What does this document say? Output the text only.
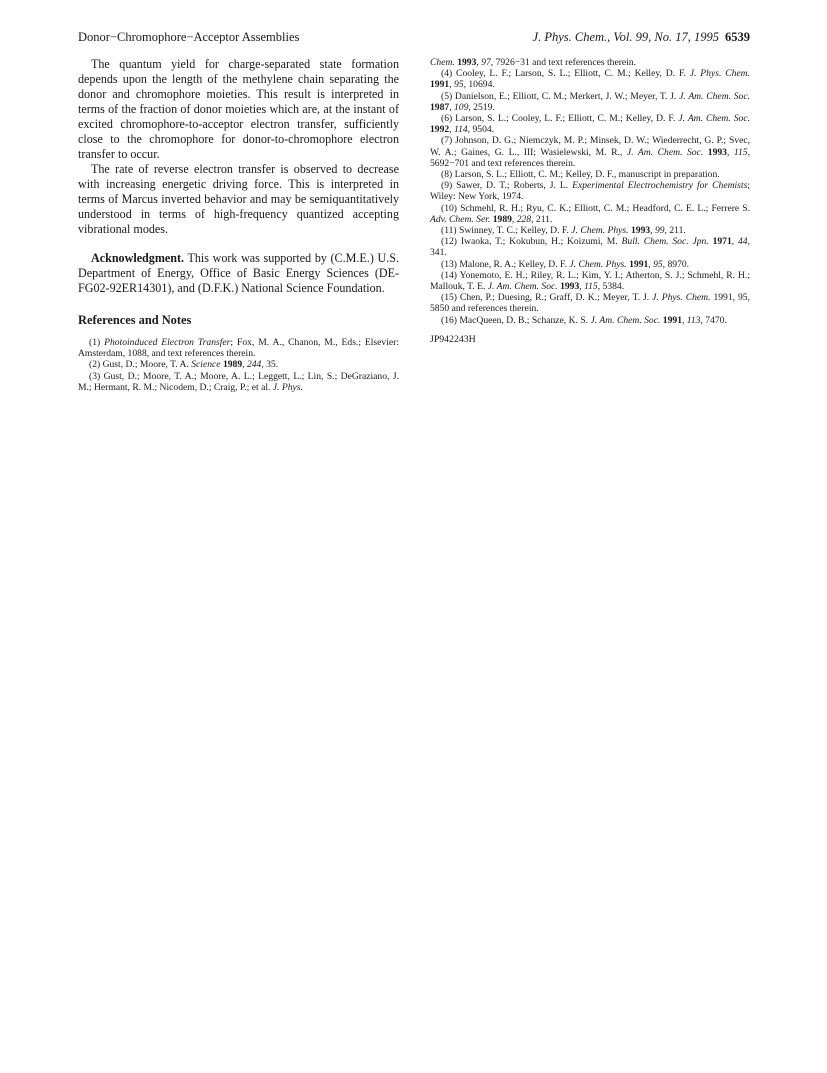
Donor−Chromophore−Acceptor Assemblies	J. Phys. Chem., Vol. 99, No. 17, 1995 6539

The quantum yield for charge-separated state formation depends upon the length of the methylene chain separating the donor and chromophore moieties. This result is interpreted in terms of the fraction of donor moieties which are, at the instant of excited chromophore-to-acceptor electron transfer, sufficiently close to the chromophore for donor-to-chromophore electron transfer to occur.

The rate of reverse electron transfer is observed to decrease with increasing energetic driving force. This is interpreted in terms of Marcus inverted behavior and may be semiquantitatively understood in terms of high-frequency quantized accepting vibrational modes.

Acknowledgment. This work was supported by (C.M.E.) U.S. Department of Energy, Office of Basic Energy Sciences (DE-FG02-92ER14301), and (D.F.K.) National Science Foundation.

References and Notes

(1) Photoinduced Electron Transfer; Fox, M. A., Chanon, M., Eds.; Elsevier: Amsterdam, 1088, and text references therein.

(2) Gust, D.; Moore, T. A. Science 1989, 244, 35.

(3) Gust, D.; Moore, T. A.; Moore, A. L.; Leggett, L.; Lin, S.; DeGraziano, J. M.; Hermant, R. M.; Nicodem, D.; Craig, P.; et al. J. Phys.

Chem. 1993, 97, 7926−31 and text references therein.

(4) Cooley, L. F.; Larson, S. L.; Elliott, C. M.; Kelley, D. F. J. Phys. Chem. 1991, 95, 10694.

(5) Danielson, E.; Elliott, C. M.; Merkert, J. W.; Meyer, T. J. J. Am. Chem. Soc. 1987, 109, 2519.

(6) Larson, S. L.; Cooley, L. F.; Elliott, C. M.; Kelley, D. F. J. Am. Chem. Soc. 1992, 114, 9504.

(7) Johnson, D. G.; Niemczyk, M. P.; Minsek, D. W.; Wiederrecht, G. P.; Svec, W. A.; Gaines, G. L., III; Wasielewski, M. R., J. Am. Chem. Soc. 1993, 115, 5692−701 and text references therein.

(8) Larson, S. L.; Elliott, C. M.; Kelley, D. F., manuscript in preparation.

(9) Sawer, D. T.; Roberts, J. L. Experimental Electrochemistry for Chemists; Wiley: New York, 1974.

(10) Schmehl, R. H.; Ryu, C. K.; Elliott, C. M.; Headford, C. E. L.; Ferrere S. Adv. Chem. Ser. 1989, 228, 211.

(11) Swinney, T. C.; Kelley, D. F. J. Chem. Phys. 1993, 99, 211.

(12) Iwaoka, T.; Kokubun, H.; Koizumi, M. Bull. Chem. Soc. Jpn. 1971, 44, 341.

(13) Malone, R. A.; Kelley, D. F. J. Chem. Phys. 1991, 95, 8970.

(14) Yonemoto, E. H.; Riley, R. L.; Kim, Y. I.; Atherton, S. J.; Schmehl, R. H.; Mallouk, T. E. J. Am. Chem. Soc. 1993, 115, 5384.

(15) Chen, P.; Duesing, R.; Graff, D. K.; Meyer, T. J. J. Phys. Chem. 1991, 95, 5850 and references therein.

(16) MacQueen, D. B.; Schanze, K. S. J. Am. Chem. Soc. 1991, 113, 7470.

JP942243H
